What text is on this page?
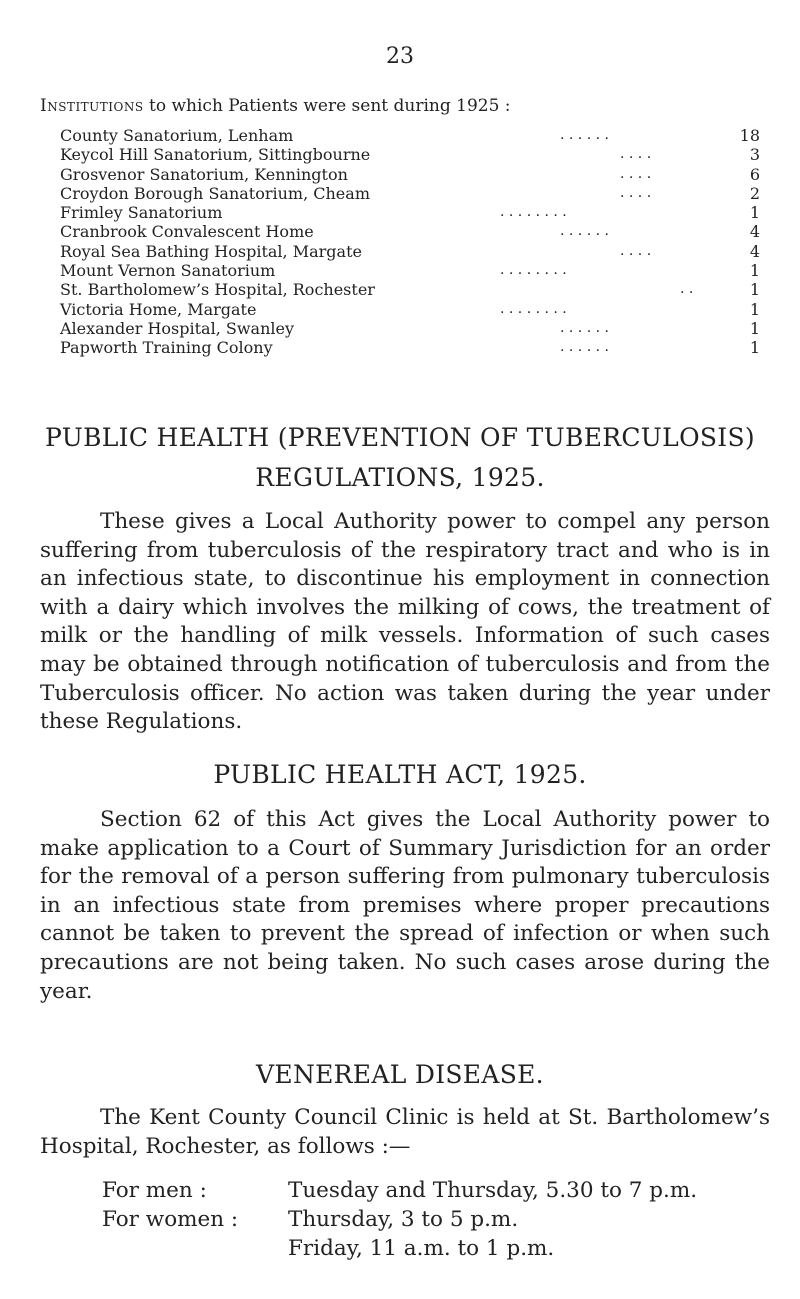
23
Institutions to which Patients were sent during 1925 :
County Sanatorium, Lenham	. . . . . .	18
Keycol Hill Sanatorium, Sittingbourne	. . . .	3
Grosvenor Sanatorium, Kennington	. . . .	6
Croydon Borough Sanatorium, Cheam	. . . .	2
Frimley Sanatorium	. . . . . . . .	1
Cranbrook Convalescent Home	. . . . . .	4
Royal Sea Bathing Hospital, Margate	. . . .	4
Mount Vernon Sanatorium	. . . . . . . .	1
St. Bartholomew’s Hospital, Rochester	. .	1
Victoria Home, Margate	. . . . . . . .	1
Alexander Hospital, Swanley	. . . . . .	1
Papworth Training Colony	. . . . . .	1
PUBLIC HEALTH (PREVENTION OF TUBERCULOSIS)
REGULATIONS, 1925.

These gives a Local Authority power to compel any person suffering from tuberculosis of the respiratory tract and who is in an infectious state, to discontinue his employment in connection with a dairy which involves the milking of cows, the treatment of milk or the handling of milk vessels. Information of such cases may be obtained through notification of tuberculosis and from the Tuberculosis officer. No action was taken during the year under these Regulations.

PUBLIC HEALTH ACT, 1925.

Section 62 of this Act gives the Local Authority power to make application to a Court of Summary Jurisdiction for an order for the removal of a person suffering from pulmonary tuberculosis in an infectious state from premises where proper precautions cannot be taken to prevent the spread of infection or when such precautions are not being taken. No such cases arose during the year.

VENEREAL DISEASE.

The Kent County Council Clinic is held at St. Bartholomew’s Hospital, Rochester, as follows :—

For men :	Tuesday and Thursday, 5.30 to 7 p.m.
For women : Thursday, 3 to 5 p.m.
Friday, 11 a.m. to 1 p.m.
